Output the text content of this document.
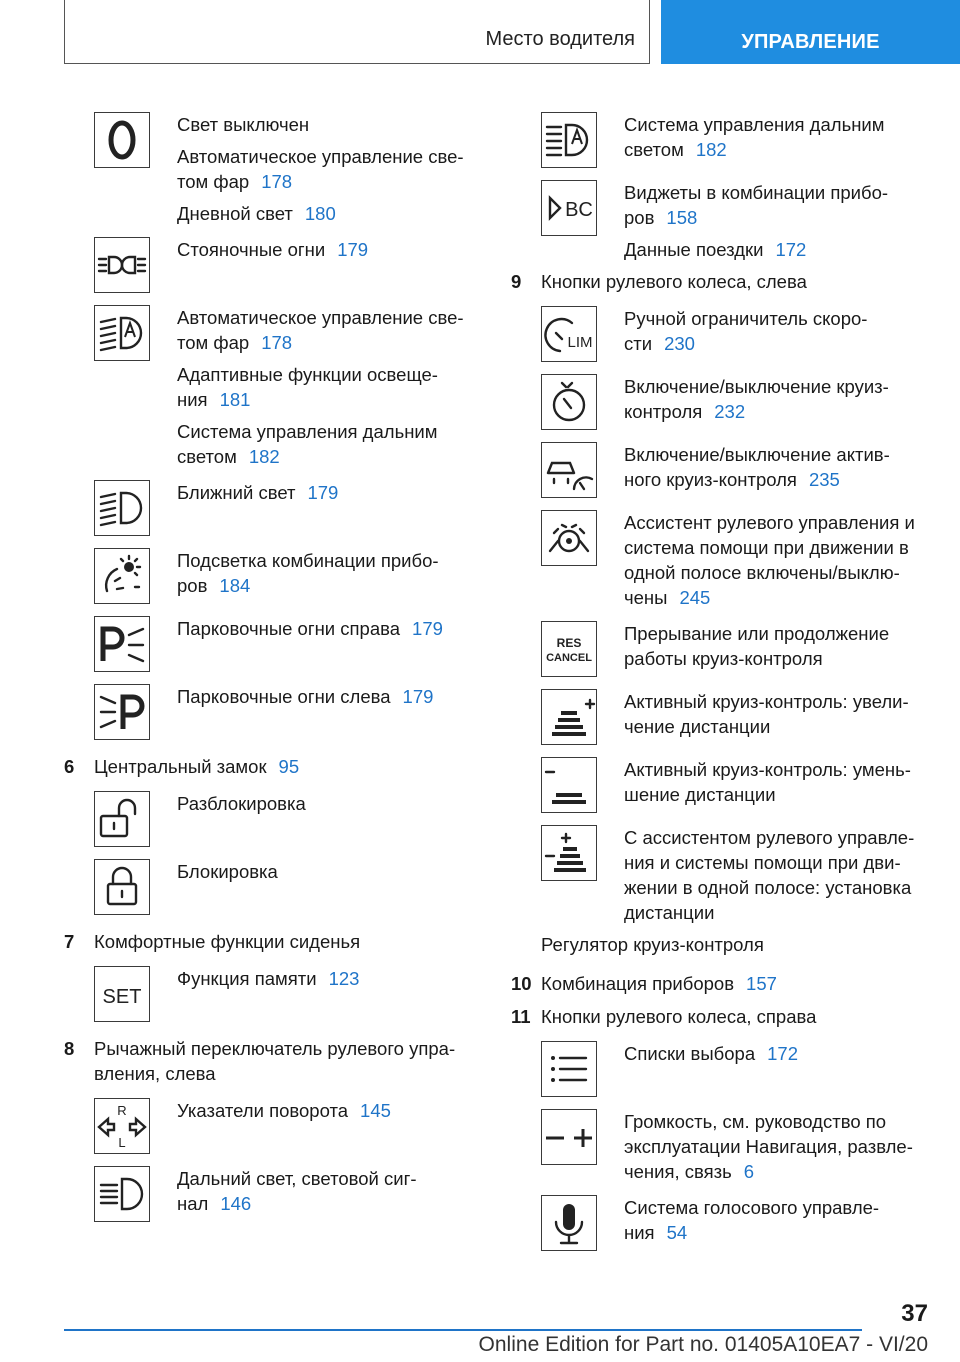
Место водителя	УПРАВЛЕНИЕ
Свет выключен
Автоматическое управление све-
том фар 178
Дневной свет 180
Стояночные огни 179
Автоматическое управление све-
том фар 178
Адаптивные функции освеще-
ния 181
Система управления дальним
светом 182
Ближний свет 179
Подсветка комбинации прибо-
ров 184
Парковочные огни справа 179
Парковочные огни слева 179
6 Центральный замок 95
Разблокировка
Блокировка
7 Комфортные функции сиденья
SET
Функция памяти 123
8 Рычажный переключатель рулевого упра-
вления, слева
R
L
Указатели поворота 145
Дальний свет, световой сиг-
нал 146
Система управления дальним
светом 182
BC
Виджеты в комбинации прибо-
ров 158
Данные поездки 172
9 Кнопки рулевого колеса, слева
LIM
Ручной ограничитель скоро-
сти 230
Включение/выключение круиз-
контроля 232
Включение/выключение актив-
ного круиз-контроля 235
Ассистент рулевого управления и
система помощи при движении в
одной полосе включены/выклю-
чены 245
RES
CANCEL
Прерывание или продолжение
работы круиз-контроля
Активный круиз-контроль: увели-
чение дистанции
Активный круиз-контроль: умень-
шение дистанции
С ассистентом рулевого управле-
ния и системы помощи при дви-
жении в одной полосе: установка
дистанции
Регулятор круиз-контроля
10 Комбинация приборов 157
11 Кнопки рулевого колеса, справа
Списки выбора 172
Громкость, см. руководство по
эксплуатации Навигация, развле-
чения, связь 6
Система голосового управле-
ния 54
37
Online Edition for Part no. 01405A10EA7 - VI/20
